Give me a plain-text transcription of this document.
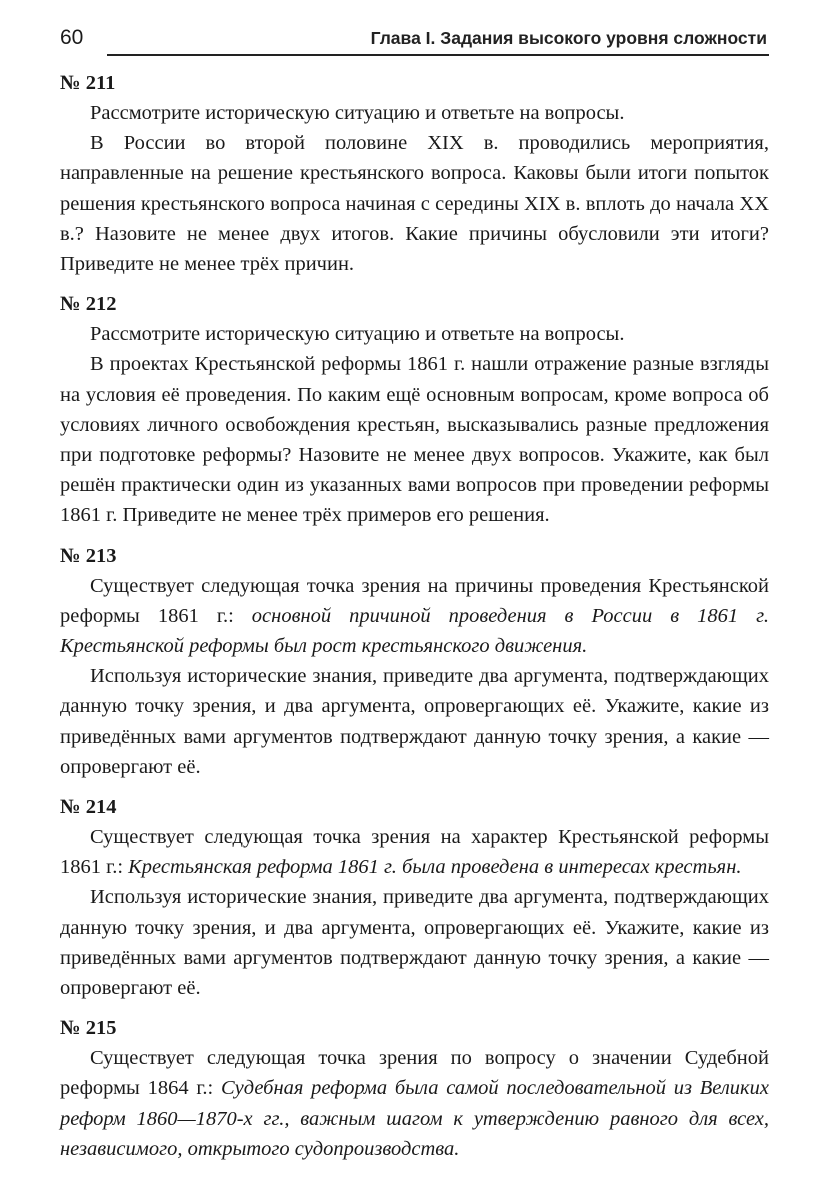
60	Глава I. Задания высокого уровня сложности
№ 211

Рассмотрите историческую ситуацию и ответьте на вопросы.

В России во второй половине XIX в. проводились мероприятия, направленные на решение крестьянского вопроса. Каковы были итоги попыток решения крестьянского вопроса начиная с середины XIX в. вплоть до начала XX в.? Назовите не менее двух итогов. Какие причины обусловили эти итоги? Приведите не менее трёх причин.

№ 212

Рассмотрите историческую ситуацию и ответьте на вопросы.

В проектах Крестьянской реформы 1861 г. нашли отражение разные взгляды на условия её проведения. По каким ещё основным вопросам, кроме вопроса об условиях личного освобождения крестьян, высказывались разные предложения при подготовке реформы? Назовите не менее двух вопросов. Укажите, как был решён практически один из указанных вами вопросов при проведении реформы 1861 г. Приведите не менее трёх примеров его решения.

№ 213

Существует следующая точка зрения на причины проведения Крестьянской реформы 1861 г.: основной причиной проведения в России в 1861 г. Крестьянской реформы был рост крестьянского движения.

Используя исторические знания, приведите два аргумента, подтверждающих данную точку зрения, и два аргумента, опровергающих её. Укажите, какие из приведённых вами аргументов подтверждают данную точку зрения, а какие — опровергают её.

№ 214

Существует следующая точка зрения на характер Крестьянской реформы 1861 г.: Крестьянская реформа 1861 г. была проведена в интересах крестьян.

Используя исторические знания, приведите два аргумента, подтверждающих данную точку зрения, и два аргумента, опровергающих её. Укажите, какие из приведённых вами аргументов подтверждают данную точку зрения, а какие — опровергают её.

№ 215

Существует следующая точка зрения по вопросу о значении Судебной реформы 1864 г.: Судебная реформа была самой последовательной из Великих реформ 1860—1870-х гг., важным шагом к утверждению равного для всех, независимого, открытого судопроизводства.
